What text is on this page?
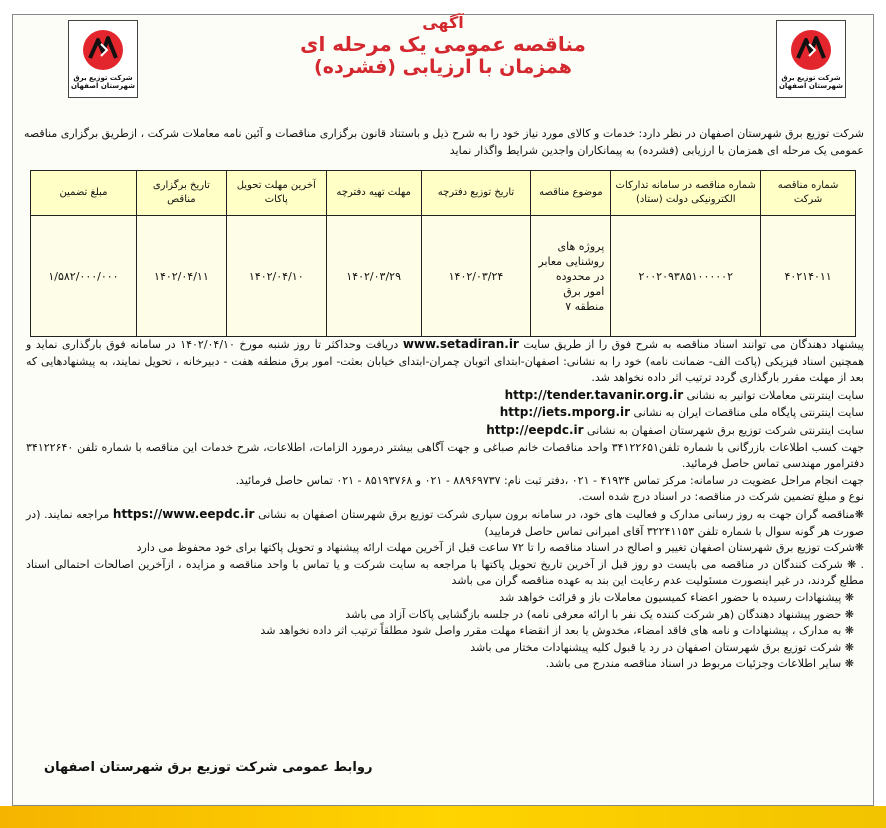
شرکت توزیع برق شهرستان اصفهان
شرکت توزیع برق شهرستان اصفهان
آگهی
مناقصه عمومی یک مرحله ای
همزمان با ارزیابی (فشرده)
شرکت توزیع برق شهرستان اصفهان در نظر دارد: خدمات و کالای مورد نیاز خود را به شرح ذیل و باستناد قانون برگزاری مناقصات و آئین نامه معاملات شرکت ، ازطریق برگزاری مناقصه عمومی یک مرحله ای همزمان با ارزیابی (فشرده) به پیمانکاران واجدین شرایط واگذار نماید
شماره مناقصه شرکت	شماره مناقصه در سامانه تدارکات الکترونیکی دولت (ستاد)	موضوع مناقصه	تاریخ توزیع دفترچه	مهلت تهیه دفترچه	آخرین مهلت تحویل پاکات	تاریخ برگزاری مناقص	مبلغ تضمین
۴۰۲۱۴۰۱۱	۲۰۰۲۰۹۳۸۵۱۰۰۰۰۰۲	پروژه های روشنایی معابر در محدوده امور برق منطقه ۷	۱۴۰۲/۰۳/۲۴	۱۴۰۲/۰۳/۲۹	۱۴۰۲/۰۴/۱۰	۱۴۰۲/۰۴/۱۱	۱/۵۸۲/۰۰۰/۰۰۰

پیشنهاد دهندگان می توانند اسناد مناقصه به شرح فوق را از طریق سایت www.setadiran.ir دریافت وحداکثر تا روز شنبه مورخ ۱۴۰۲/۰۴/۱۰ در سامانه فوق بارگذاری نماید و همچنین اسناد فیزیکی (پاکت الف- ضمانت نامه) خود را به نشانی: اصفهان-ابتدای اتوبان چمران-ابتدای خیابان بعثت- امور برق منطقه هفت - دبیرخانه ، تحویل نمایند، به پیشنهادهایی که بعد از مهلت مقرر بارگذاری گردد ترتیب اثر داده نخواهد شد.

سایت اینترنتی معاملات توانیر به نشانی http://tender.tavanir.org.ir

سایت اینترنتی پایگاه ملی مناقصات ایران به نشانی http://iets.mporg.ir

سایت اینترنتی شرکت توزیع برق شهرستان اصفهان به نشانی http://eepdc.ir

جهت کسب اطلاعات بازرگانی با شماره تلفن۳۴۱۲۲۶۵۱ واحد مناقصات خانم صباغی و جهت آگاهی بیشتر درمورد الزامات، اطلاعات، شرح خدمات این مناقصه با شماره تلفن ۳۴۱۲۲۶۴۰ دفترامور مهندسی تماس حاصل فرمائید.

جهت انجام مراحل عضویت در سامانه: مرکز تماس ۴۱۹۳۴ - ۰۲۱ ،دفتر ثبت نام: ۸۸۹۶۹۷۳۷ - ۰۲۱ و ۸۵۱۹۳۷۶۸ - ۰۲۱ تماس حاصل فرمائید.

نوع و مبلغ تضمین شرکت در مناقصه: در اسناد درج شده است.

❋مناقصه گران جهت به روز رسانی مدارک و فعالیت های خود، در سامانه برون سپاری شرکت توزیع برق شهرستان اصفهان به نشانی https://www.eepdc.ir مراجعه نمایند. (در صورت هر گونه سوال با شماره تلفن ۳۲۲۴۱۱۵۳ آقای امیرانی تماس حاصل فرمایید)

❋شرکت توزیع برق شهرستان اصفهان تغییر و اصالح در اسناد مناقصه را تا ۷۲ ساعت قبل از آخرین مهلت ارائه پیشنهاد و تحویل پاکتها برای خود محفوظ می دارد

. ❋ شرکت کنندگان در مناقصه می بایست دو روز قبل از آخرین تاریخ تحویل پاکتها با مراجعه به سایت شرکت و یا تماس با واحد مناقصه و مزایده ، ازآخرین اصالحات احتمالی اسناد مطلع گردند، در غیر اینصورت مسئولیت عدم رعایت این بند به عهده مناقصه گران می باشد

❋ پیشنهادات رسیده با حضور اعضاء کمیسیون معاملات باز و قرائت خواهد شد

❋ حضور پیشنهاد دهندگان (هر شرکت کننده یک نفر با ارائه معرفی نامه) در جلسه بازگشایی پاکات آزاد می باشد

❋ به مدارک ، پیشنهادات و نامه های فاقد امضاء، مخدوش یا بعد از انقضاء مهلت مقرر واصل شود مطلقاً ترتیب اثر داده نخواهد شد

❋ شرکت توزیع برق شهرستان اصفهان در رد یا قبول کلیه پیشنهادات مختار می باشد

❋ سایر اطلاعات وجزئیات مربوط در اسناد مناقصه مندرج می باشد.

روابط عمومی شرکت توزیع برق شهرستان اصفهان
